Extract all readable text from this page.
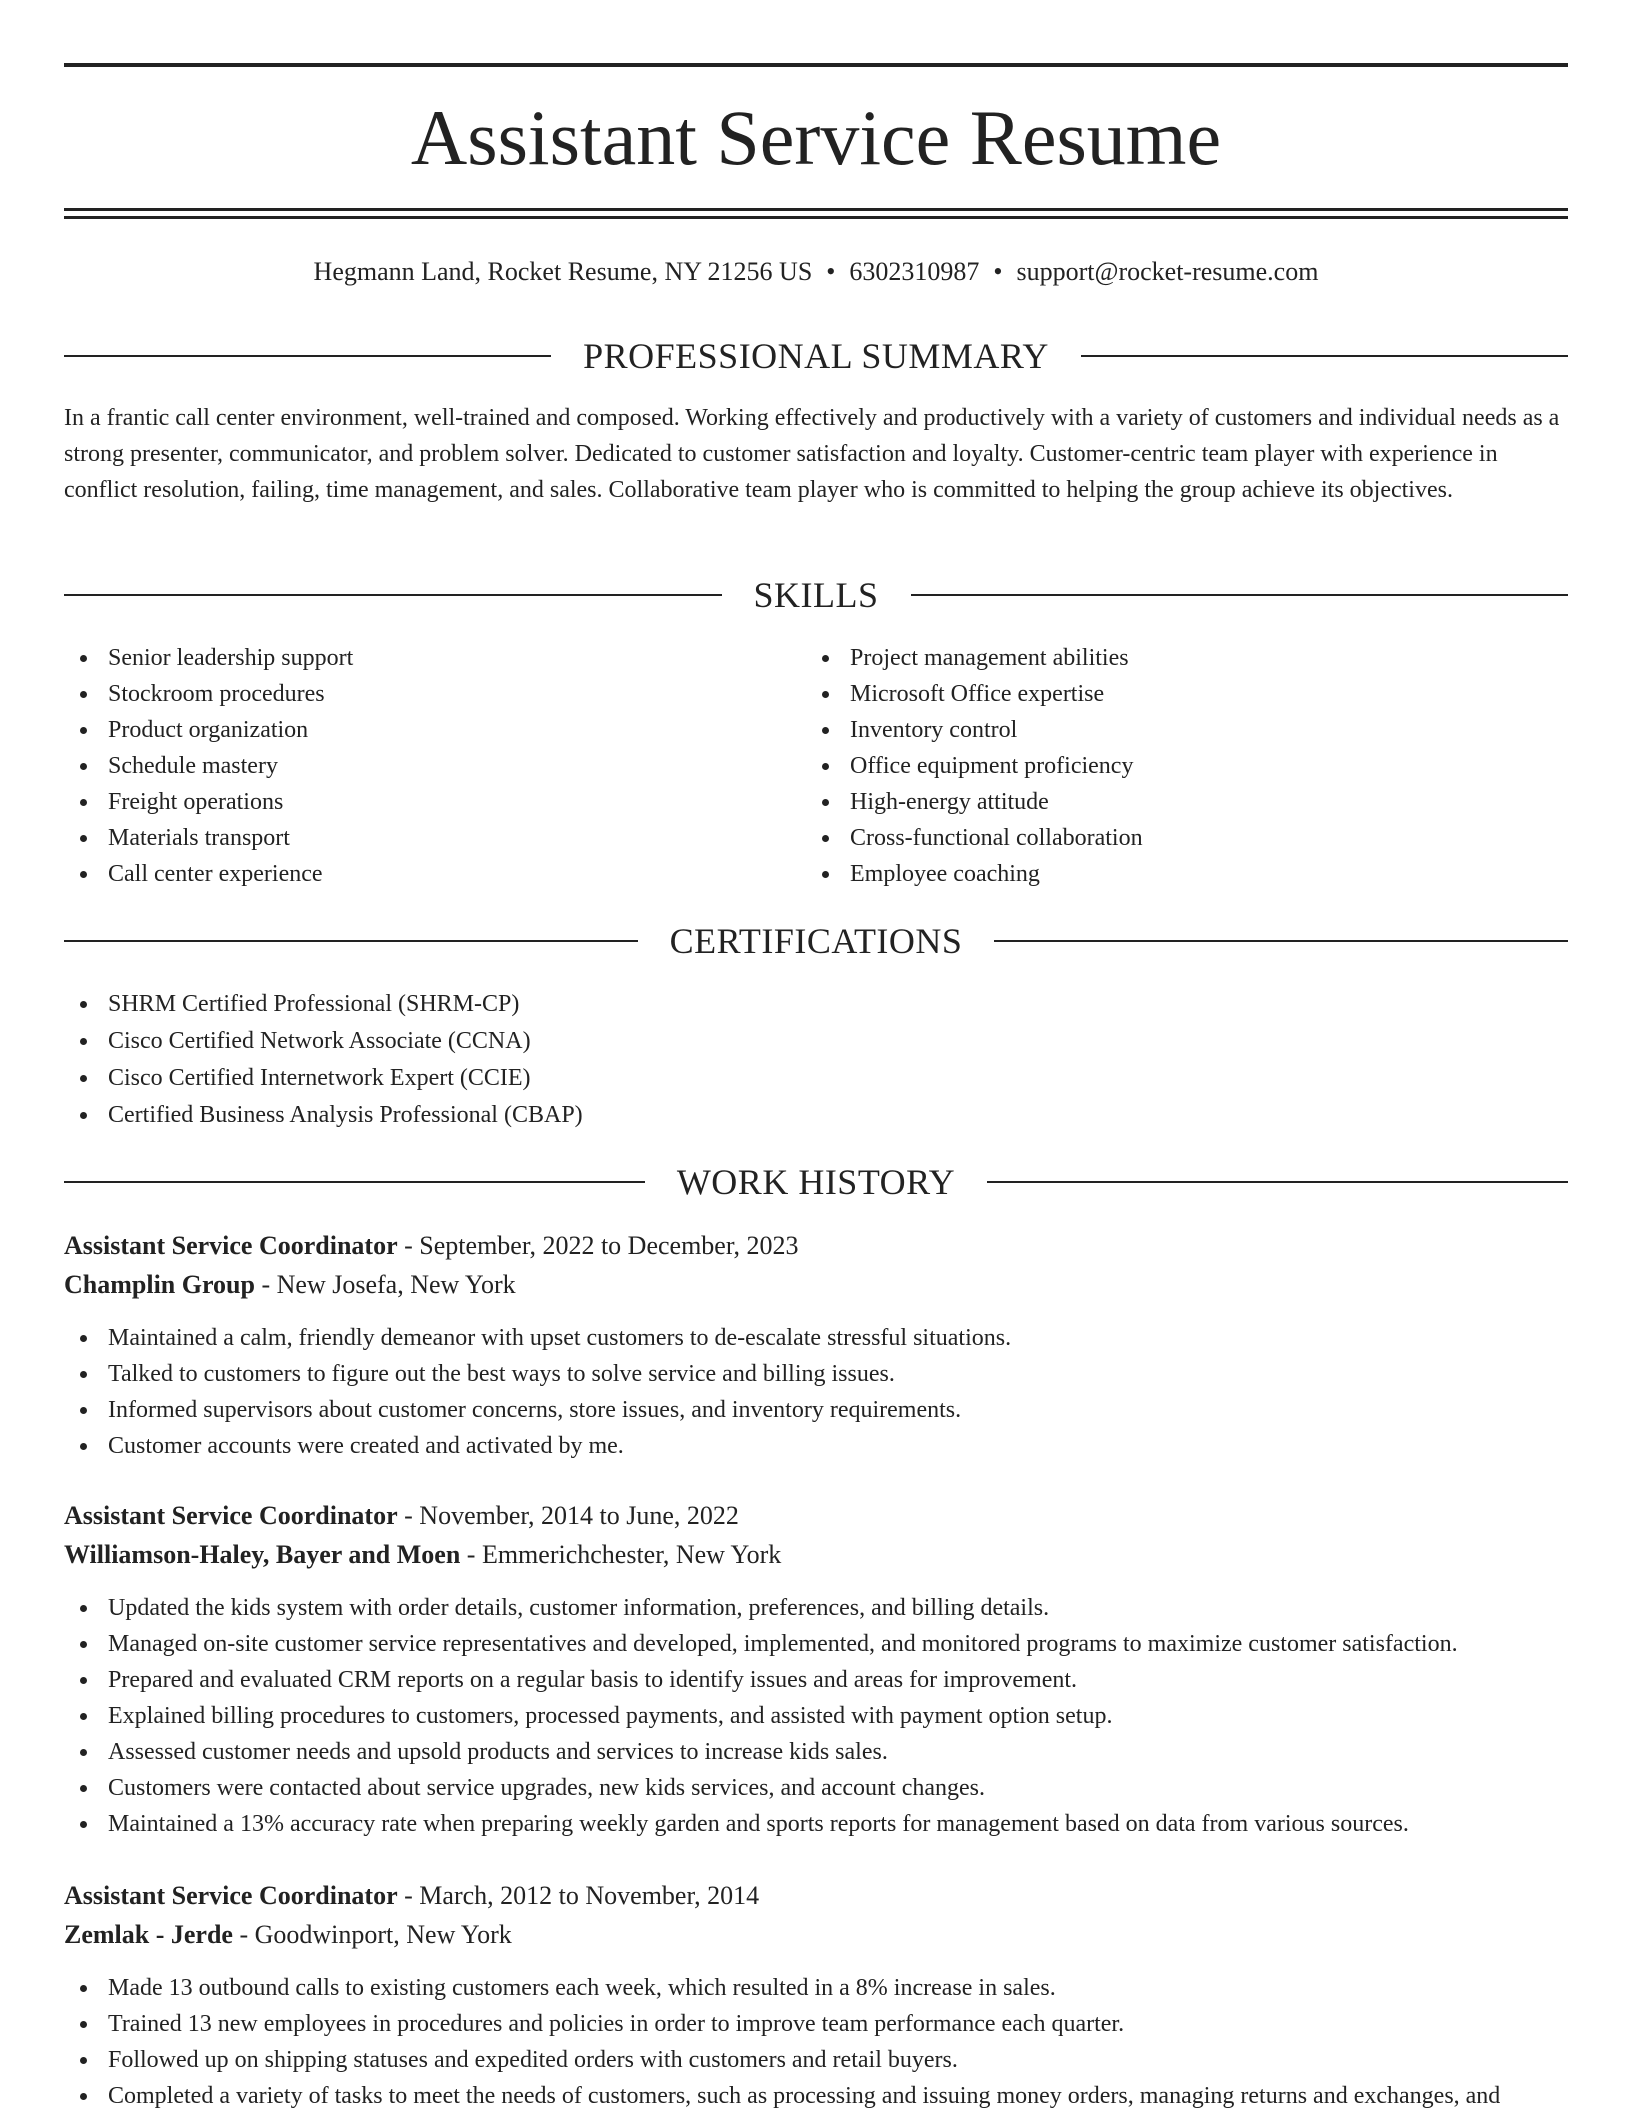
Assistant Service Resume
Hegmann Land, Rocket Resume, NY 21256 US • 6302310987 • support@rocket-resume.com
PROFESSIONAL SUMMARY

In a frantic call center environment, well-trained and composed. Working effectively and productively with a variety of customers and individual needs as a strong presenter, communicator, and problem solver. Dedicated to customer satisfaction and loyalty. Customer-centric team player with experience in conflict resolution, failing, time management, and sales. Collaborative team player who is committed to helping the group achieve its objectives.

SKILLS
Senior leadership support
Stockroom procedures
Product organization
Schedule mastery
Freight operations
Materials transport
Call center experience
Project management abilities
Microsoft Office expertise
Inventory control
Office equipment proficiency
High-energy attitude
Cross-functional collaboration
Employee coaching
CERTIFICATIONS
SHRM Certified Professional (SHRM-CP)
Cisco Certified Network Associate (CCNA)
Cisco Certified Internetwork Expert (CCIE)
Certified Business Analysis Professional (CBAP)
WORK HISTORY
Assistant Service Coordinator - September, 2022 to December, 2023
Champlin Group - New Josefa, New York
Maintained a calm, friendly demeanor with upset customers to de-escalate stressful situations.
Talked to customers to figure out the best ways to solve service and billing issues.
Informed supervisors about customer concerns, store issues, and inventory requirements.
Customer accounts were created and activated by me.
Assistant Service Coordinator - November, 2014 to June, 2022
Williamson-Haley, Bayer and Moen - Emmerichchester, New York
Updated the kids system with order details, customer information, preferences, and billing details.
Managed on-site customer service representatives and developed, implemented, and monitored programs to maximize customer satisfaction.
Prepared and evaluated CRM reports on a regular basis to identify issues and areas for improvement.
Explained billing procedures to customers, processed payments, and assisted with payment option setup.
Assessed customer needs and upsold products and services to increase kids sales.
Customers were contacted about service upgrades, new kids services, and account changes.
Maintained a 13% accuracy rate when preparing weekly garden and sports reports for management based on data from various sources.
Assistant Service Coordinator - March, 2012 to November, 2014
Zemlak - Jerde - Goodwinport, New York
Made 13 outbound calls to existing customers each week, which resulted in a 8% increase in sales.
Trained 13 new employees in procedures and policies in order to improve team performance each quarter.
Followed up on shipping statuses and expedited orders with customers and retail buyers.
Completed a variety of tasks to meet the needs of customers, such as processing and issuing money orders, managing returns and exchanges, and
